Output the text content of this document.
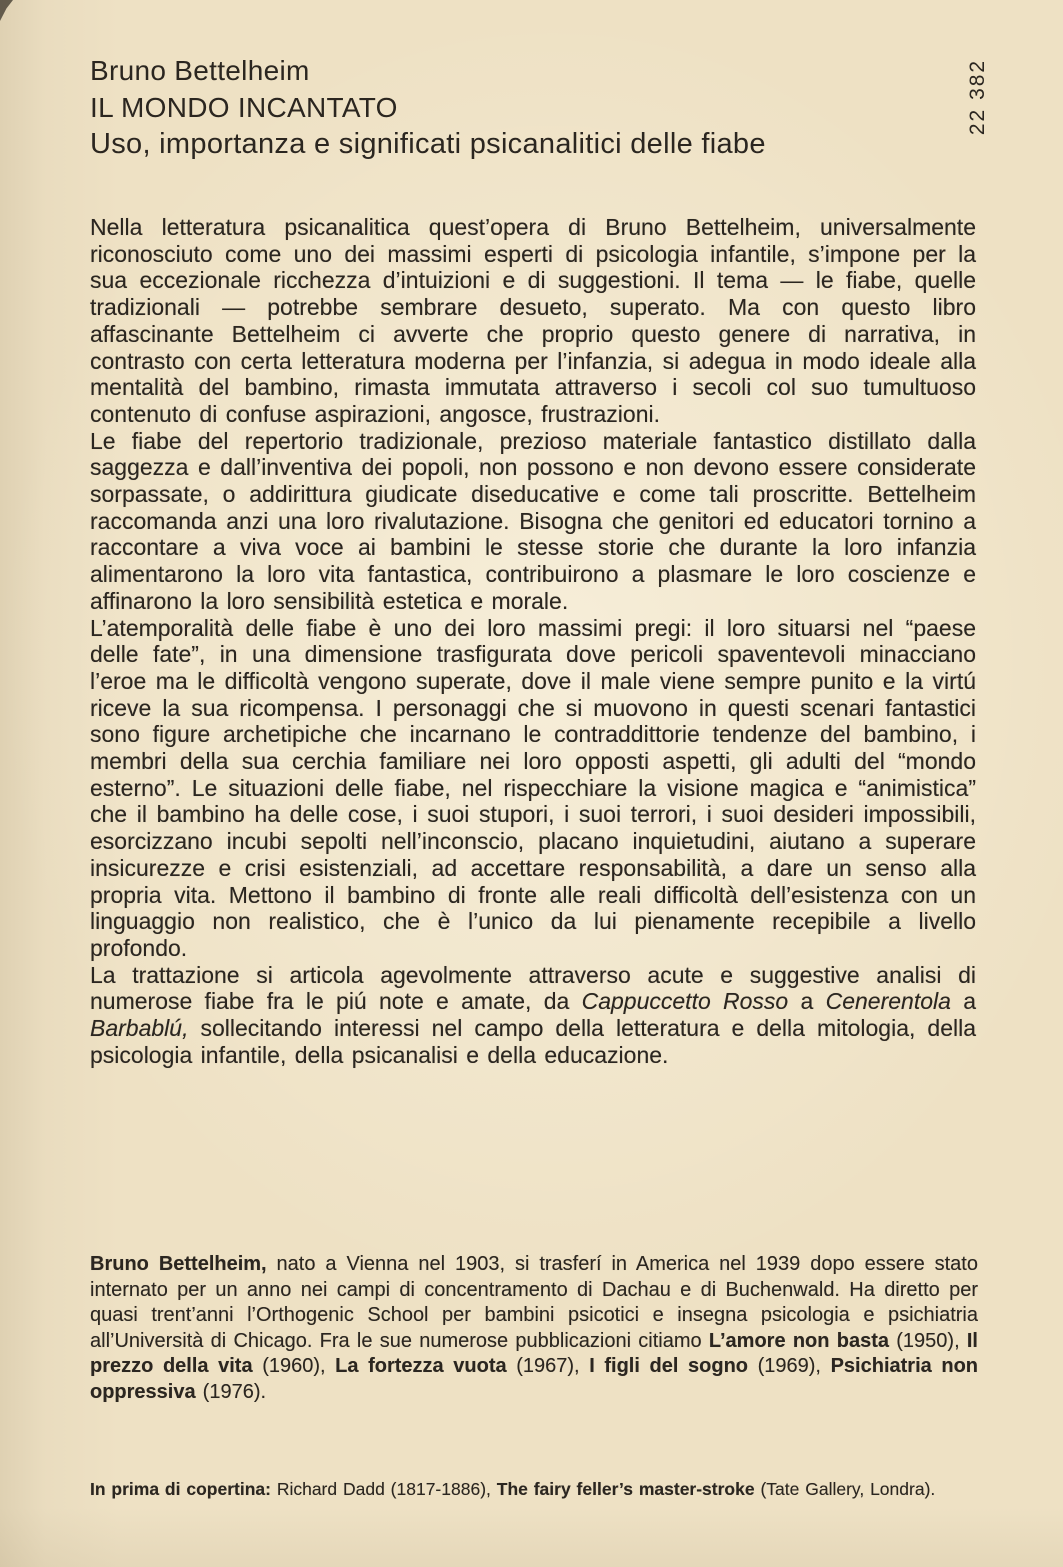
Bruno Bettelheim
IL MONDO INCANTATO
Uso, importanza e significati psicanalitici delle fiabe
22 382

Nella letteratura psicanalitica quest’opera di Bruno Bettelheim, universalmente riconosciuto come uno dei massimi esperti di psicologia infantile, s’impone per la sua eccezionale ricchezza d’intuizioni e di suggestioni. Il tema — le fiabe, quelle tradizionali — potrebbe sembrare desueto, superato. Ma con questo libro affascinante Bettelheim ci avverte che proprio questo genere di narrativa, in contrasto con certa letteratura moderna per l’infanzia, si adegua in modo ideale alla mentalità del bambino, rimasta immutata attraverso i secoli col suo tumultuoso contenuto di confuse aspirazioni, angosce, frustrazioni.

Le fiabe del repertorio tradizionale, prezioso materiale fantastico distillato dalla saggezza e dall’inventiva dei popoli, non possono e non devono essere considerate sorpassate, o addirittura giudicate diseducative e come tali proscritte. Bettelheim raccomanda anzi una loro rivalutazione. Bisogna che genitori ed educatori tornino a raccontare a viva voce ai bambini le stesse storie che durante la loro infanzia alimentarono la loro vita fantastica, contribuirono a plasmare le loro coscienze e affinarono la loro sensibilità estetica e morale.

L’atemporalità delle fiabe è uno dei loro massimi pregi: il loro situarsi nel “paese delle fate”, in una dimensione trasfigurata dove pericoli spaventevoli minacciano l’eroe ma le difficoltà vengono superate, dove il male viene sempre punito e la virtú riceve la sua ricompensa. I personaggi che si muovono in questi scenari fantastici sono figure archetipiche che incarnano le contraddittorie tendenze del bambino, i membri della sua cerchia familiare nei loro opposti aspetti, gli adulti del “mondo esterno”. Le situazioni delle fiabe, nel rispecchiare la visione magica e “animistica” che il bambino ha delle cose, i suoi stupori, i suoi terrori, i suoi desideri impossibili, esorcizzano incubi sepolti nell’inconscio, placano inquietudini, aiutano a superare insicurezze e crisi esistenziali, ad accettare responsabilità, a dare un senso alla propria vita. Mettono il bambino di fronte alle reali difficoltà dell’esistenza con un linguaggio non realistico, che è l’unico da lui pienamente recepibile a livello profondo.

La trattazione si articola agevolmente attraverso acute e suggestive analisi di numerose fiabe fra le piú note e amate, da Cappuccetto Rosso a Cenerentola a Barbablú, sollecitando interessi nel campo della letteratura e della mitologia, della psicologia infantile, della psicanalisi e della educazione.

Bruno Bettelheim, nato a Vienna nel 1903, si trasferí in America nel 1939 dopo essere stato internato per un anno nei campi di concentramento di Dachau e di Buchenwald. Ha diretto per quasi trent’anni l’Orthogenic School per bambini psicotici e insegna psicologia e psichiatria all’Università di Chicago. Fra le sue numerose pubblicazioni citiamo L’amore non basta (1950), Il prezzo della vita (1960), La fortezza vuota (1967), I figli del sogno (1969), Psichiatria non oppressiva (1976).

In prima di copertina: Richard Dadd (1817-1886), The fairy feller’s master-stroke (Tate Gallery, Londra).
